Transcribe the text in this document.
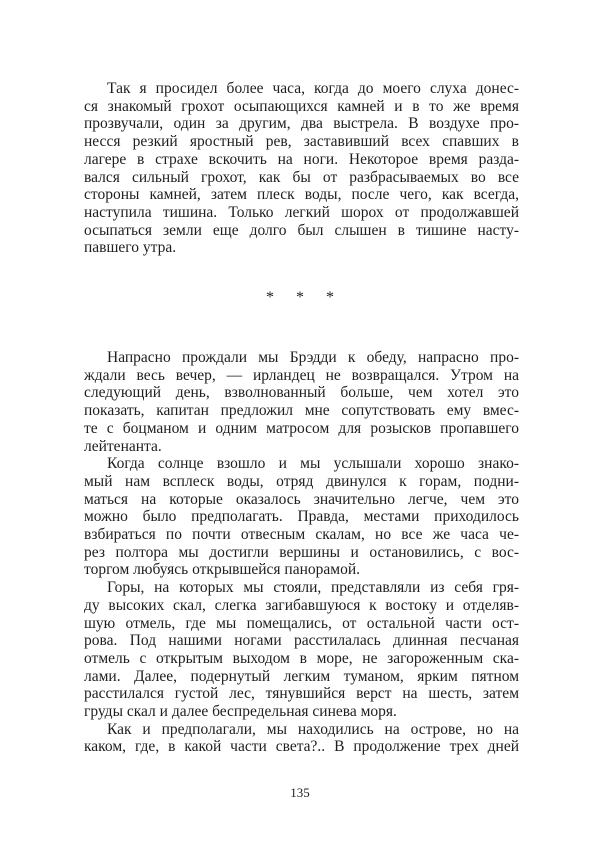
Так я просидел более часа, когда до моего слуха донес-
ся знакомый грохот осыпающихся камней и в то же время
прозвучали, один за другим, два выстрела. В воздухе про-
несся резкий яростный рев, заставивший всех спавших в
лагере в страхе вскочить на ноги. Некоторое время разда-
вался сильный грохот, как бы от разбрасываемых во все
стороны камней, затем плеск воды, после чего, как всегда,
наступила тишина. Только легкий шорох от продолжавшей
осыпаться земли еще долго был слышен в тишине насту-
павшего утра.
Напрасно прождали мы Брэдди к обеду, напрасно про-
ждали весь вечер, — ирландец не возвращался. Утром на
следующий день, взволнованный больше, чем хотел это
показать, капитан предложил мне сопутствовать ему вмес-
те с боцманом и одним матросом для розысков пропавшего
лейтенанта.
Когда солнце взошло и мы услышали хорошо знако-
мый нам всплеск воды, отряд двинулся к горам, подни-
маться на которые оказалось значительно легче, чем это
можно было предполагать. Правда, местами приходилось
взбираться по почти отвесным скалам, но все же часа че-
рез полтора мы достигли вершины и остановились, с вос-
торгом любуясь открывшейся панорамой.
Горы, на которых мы стояли, представляли из себя гря-
ду высоких скал, слегка загибавшуюся к востоку и отделяв-
шую отмель, где мы помещались, от остальной части ост-
рова. Под нашими ногами расстилалась длинная песчаная
отмель с открытым выходом в море, не загороженным ска-
лами. Далее, подернутый легким туманом, ярким пятном
расстилался густой лес, тянувшийся верст на шесть, затем
груды скал и далее беспредельная синева моря.
Как и предполагали, мы находились на острове, но на
каком, где, в какой части света?.. В продолжение трех дней
* * *
135
